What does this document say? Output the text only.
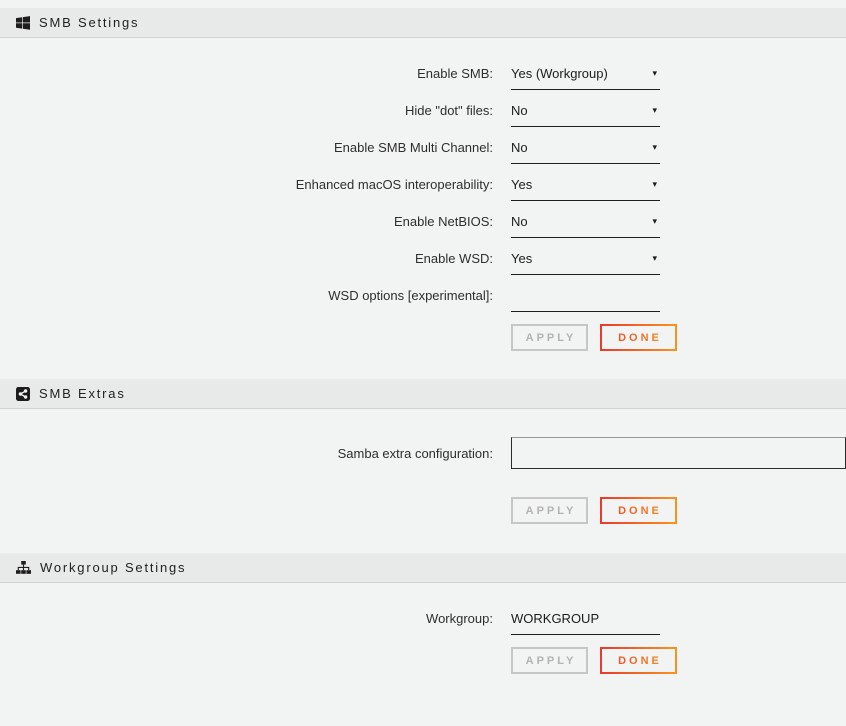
SMB Settings
Enable SMB: Yes (Workgroup)	▾
Hide "dot" files: No	▾
Enable SMB Multi Channel: No	▾
Enhanced macOS interoperability: Yes	▾
Enable NetBIOS: No	▾
Enable WSD: Yes	▾
WSD options [experimental]:
APPLY	DONE
SMB Extras
Samba extra configuration:
APPLY	DONE
Workgroup Settings
Workgroup:
WORKGROUP
APPLY	DONE
